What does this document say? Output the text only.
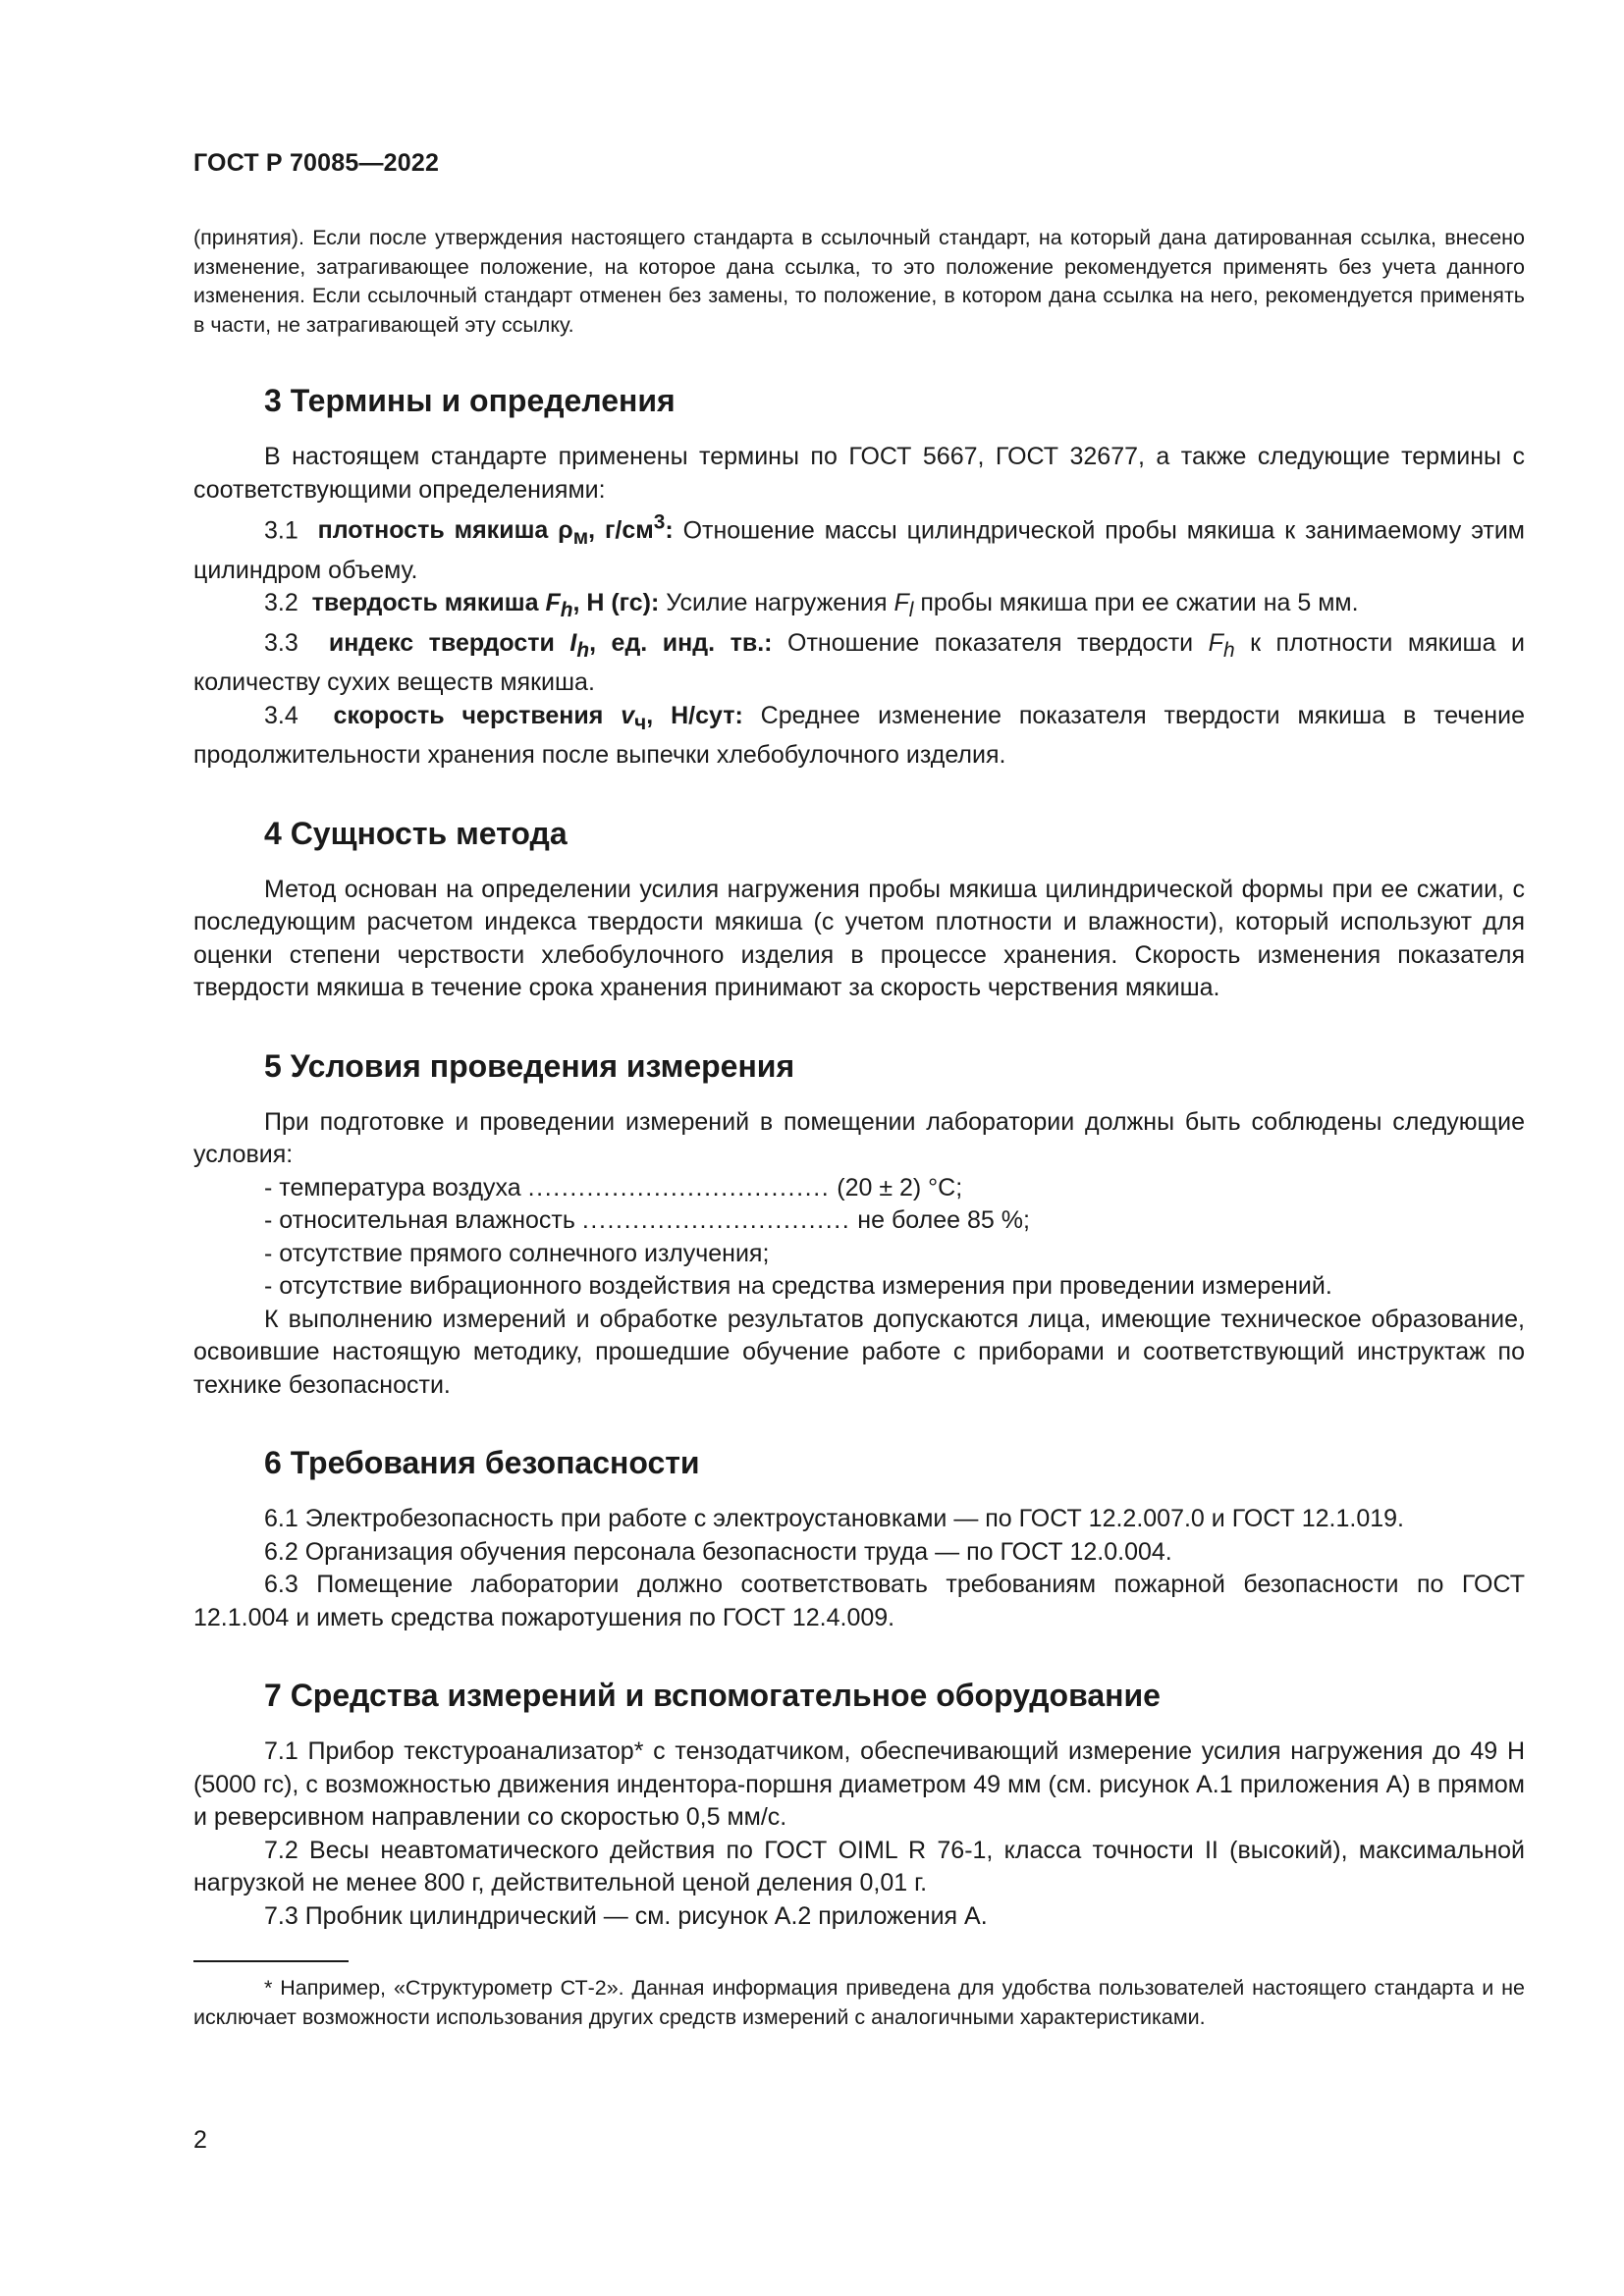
ГОСТ Р 70085—2022

(принятия). Если после утверждения настоящего стандарта в ссылочный стандарт, на который дана датированная ссылка, внесено изменение, затрагивающее положение, на которое дана ссылка, то это положение рекомендуется применять без учета данного изменения. Если ссылочный стандарт отменен без замены, то положение, в котором дана ссылка на него, рекомендуется применять в части, не затрагивающей эту ссылку.

3 Термины и определения

В настоящем стандарте применены термины по ГОСТ 5667, ГОСТ 32677, а также следующие термины с соответствующими определениями:

3.1 плотность мякиша $\rho_м$, $г/см^3$: Отношение массы цилиндрической пробы мякиша к занимаемому этим цилиндром объему.

3.2 твердость мякиша $F_h$, Н (гс): Усилие нагружения $F_l$ пробы мякиша при ее сжатии на 5 мм.

3.3 индекс твердости $I_h$, ед. инд. тв.: Отношение показателя твердости $F_h$ к плотности мякиша и количеству сухих веществ мякиша.

3.4 скорость черствения $v_ч$, Н/сут: Среднее изменение показателя твердости мякиша в течение продолжительности хранения после выпечки хлебобулочного изделия.

4 Сущность метода

Метод основан на определении усилия нагружения пробы мякиша цилиндрической формы при ее сжатии, с последующим расчетом индекса твердости мякиша (с учетом плотности и влажности), который используют для оценки степени черствости хлебобулочного изделия в процессе хранения. Скорость изменения показателя твердости мякиша в течение срока хранения принимают за скорость черствения мякиша.

5 Условия проведения измерения

При подготовке и проведении измерений в помещении лаборатории должны быть соблюдены следующие условия:

- температура воздуха .................................... (20 ± 2) °С;
- относительная влажность ................................ не более 85 %;
- отсутствие прямого солнечного излучения;
- отсутствие вибрационного воздействия на средства измерения при проведении измерений.

К выполнению измерений и обработке результатов допускаются лица, имеющие техническое образование, освоившие настоящую методику, прошедшие обучение работе с приборами и соответствующий инструктаж по технике безопасности.

6 Требования безопасности

6.1 Электробезопасность при работе с электроустановками — по ГОСТ 12.2.007.0 и ГОСТ 12.1.019.

6.2 Организация обучения персонала безопасности труда — по ГОСТ 12.0.004.

6.3 Помещение лаборатории должно соответствовать требованиям пожарной безопасности по ГОСТ 12.1.004 и иметь средства пожаротушения по ГОСТ 12.4.009.

7 Средства измерений и вспомогательное оборудование

7.1 Прибор текстуроанализатор* с тензодатчиком, обеспечивающий измерение усилия нагружения до 49 Н (5000 гс), с возможностью движения индентора-поршня диаметром 49 мм (см. рисунок А.1 приложения А) в прямом и реверсивном направлении со скоростью 0,5 мм/с.

7.2 Весы неавтоматического действия по ГОСТ OIML R 76-1, класса точности II (высокий), максимальной нагрузкой не менее 800 г, действительной ценой деления 0,01 г.

7.3 Пробник цилиндрический — см. рисунок А.2 приложения А.

* Например, «Структурометр СТ-2». Данная информация приведена для удобства пользователей настоящего стандарта и не исключает возможности использования других средств измерений с аналогичными характеристиками.

2
